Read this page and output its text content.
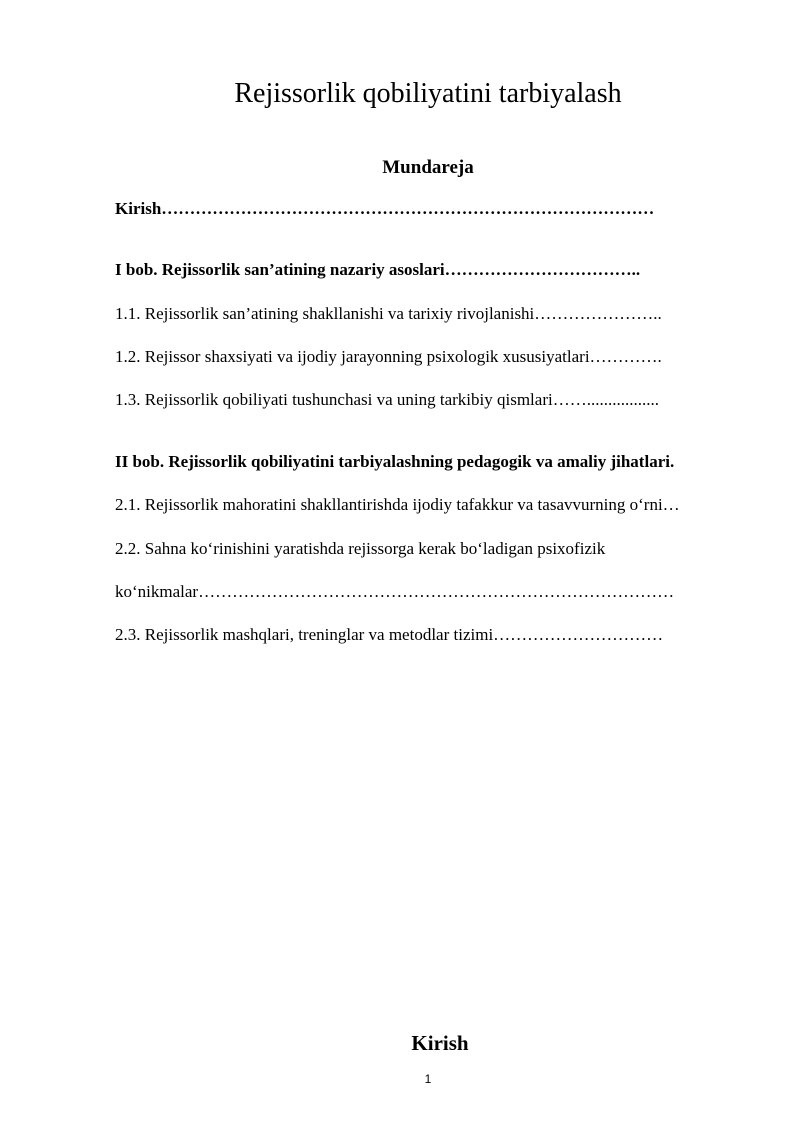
Rejissorlik qobiliyatini tarbiyalash
Mundareja

Kirish……………………………………………………………………………

I bob. Rejissorlik san’atining nazariy asoslari……………………………..

1.1. Rejissorlik san’atining shakllanishi va tarixiy rivojlanishi…………………..

1.2. Rejissor shaxsiyati va ijodiy jarayonning psixologik xususiyatlari………….

1.3. Rejissorlik qobiliyati tushunchasi va uning tarkibiy qismlari…….................

II bob. Rejissorlik qobiliyatini tarbiyalashning pedagogik va amaliy jihatlari.

2.1. Rejissorlik mahoratini shakllantirishda ijodiy tafakkur va tasavvurning o‘rni…

2.2. Sahna ko‘rinishini yaratishda rejissorga kerak bo‘ladigan psixofizik

ko‘nikmalar…………………………………………………………………………

2.3. Rejissorlik mashqlari, treninglar va metodlar tizimi…………………………

Kirish
1
